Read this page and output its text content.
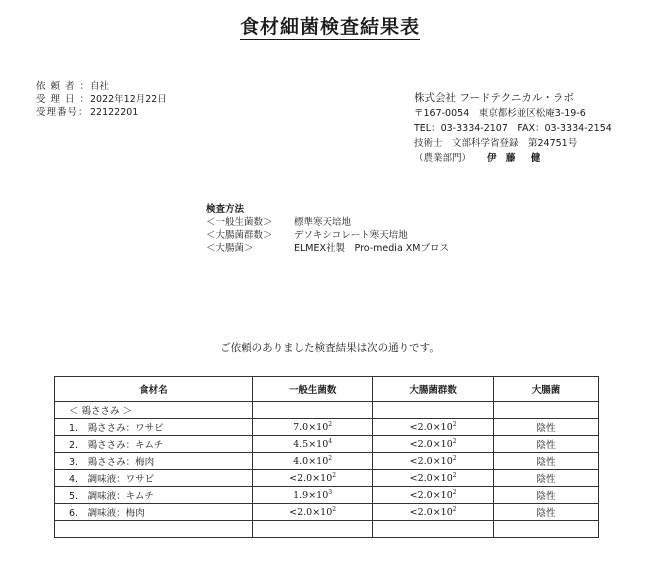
食材細菌検査結果表
依 頼 者 ：自社
受 理 日 ：2022年12月22日
受理番号：22122201
株式会社 フードテクニカル・ラボ
〒167-0054　東京都杉並区松庵3-19-6
TEL：03-3334-2107　FAX：03-3334-2154
技術士　文部科学省登録　第24751号
（農業部門） 伊 藤　健
検査方法
＜一般生菌数＞ 標準寒天培地
＜大腸菌群数＞ デソキシコレート寒天培地
＜大腸菌＞	ELMEX社製　Pro-media XMブロス
ご依頼のありました検査結果は次の通りです。
食材名	一般生菌数	大腸菌群数	大腸菌
＜ 鶏ささみ ＞			
1.　鶏ささみ：ワサビ	$7.0\times 10^2$	$<2.0\times 10^2$	陰性
2.　鶏ささみ：キムチ	$4.5\times 10^4$	$<2.0\times 10^2$	陰性
3.　鶏ささみ：梅肉	$4.0\times 10^2$	$<2.0\times 10^2$	陰性
4.　調味液：ワサビ	$<2.0\times 10^2$	$<2.0\times 10^2$	陰性
5.　調味液：キムチ	$1.9\times 10^3$	$<2.0\times 10^2$	陰性
6.　調味液：梅肉	$<2.0\times 10^2$	$<2.0\times 10^2$	陰性
